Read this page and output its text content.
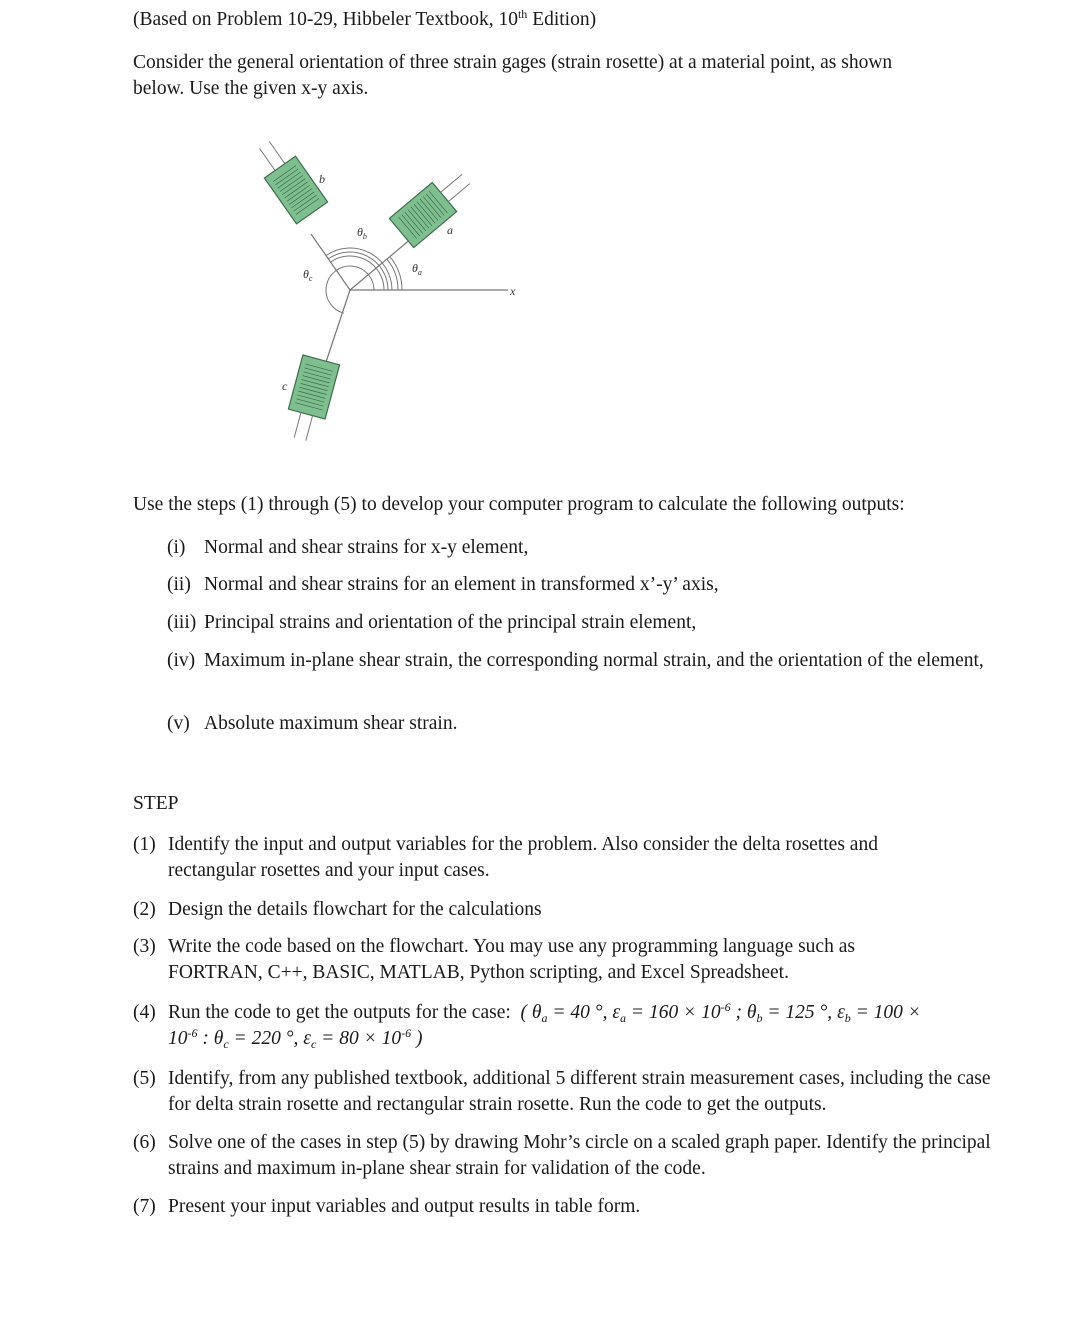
(Based on Problem 10-29, Hibbeler Textbook, 10th Edition)
Consider the general orientation of three strain gages (strain rosette) at a material point, as shown
below. Use the given x-y axis.
a
b
c
x
$\theta_a$
$\theta_b$
$\theta_c$
Use the steps (1) through (5) to develop your computer program to calculate the following outputs:
(i) Normal and shear strains for x-y element,
(ii) Normal and shear strains for an element in transformed x’-y’ axis,
(iii) Principal strains and orientation of the principal strain element,
(iv) Maximum in-plane shear strain, the corresponding normal strain, and the orientation of the element,
(v) Absolute maximum shear strain.
STEP
(1) Identify the input and output variables for the problem. Also consider the delta rosettes and rectangular rosettes and your input cases.
(2) Design the details flowchart for the calculations
(3) Write the code based on the flowchart. You may use any programming language such as FORTRAN, C++, BASIC, MATLAB, Python scripting, and Excel Spreadsheet.
(4) Run the code to get the outputs for the case: ( $\theta_a = 40$ °, $\varepsilon_a = 160 \times 10^{-6}$ ; $\theta_b = 125$ °, $\varepsilon_b = 100$ ×
$10^{-6}$ : $\theta_c = 220$ °, $\varepsilon_c = 80 \times 10^{-6}$ )
(5) Identify, from any published textbook, additional 5 different strain measurement cases, including the case for delta strain rosette and rectangular strain rosette. Run the code to get the outputs.
(6) Solve one of the cases in step (5) by drawing Mohr’s circle on a scaled graph paper. Identify the principal strains and maximum in-plane shear strain for validation of the code.
(7) Present your input variables and output results in table form.
